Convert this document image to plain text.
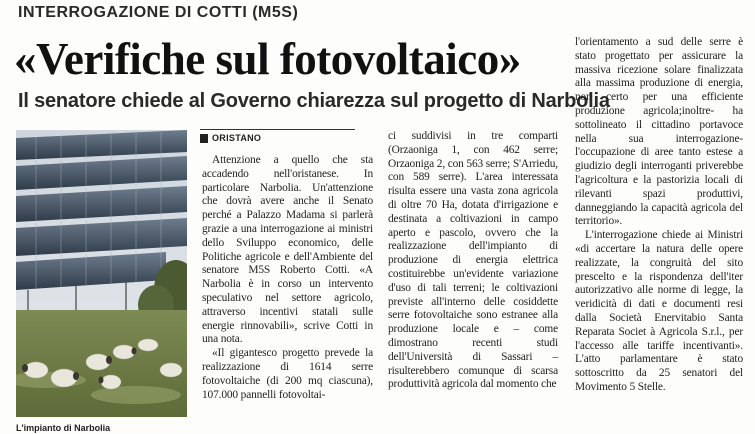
INTERROGAZIONE DI COTTI (M5S)
«Verifiche sul fotovoltaico»
Il senatore chiede al Governo chiarezza sul progetto di Narbolia

L'impianto di Narbolia

ORISTANO

Attenzione a quello che sta accadendo nell'oristanese. In particolare Narbolia. Un'attenzione che dovrà avere anche il Senato perché a Palazzo Madama si parlerà grazie a una interrogazione ai ministri dello Sviluppo economico, delle Politiche agricole e dell'Ambiente del senatore M5S Roberto Cotti. «A Narbolia è in corso un intervento speculativo nel settore agricolo, attraverso incentivi statali sulle energie rinnovabili», scrive Cotti in una nota.

«Il gigantesco progetto prevede la realizzazione di 1614 serre fotovoltaiche (di 200 mq ciascuna), 107.000 pannelli fotovoltai-

ci suddivisi in tre comparti (Orzaoniga 1, con 462 serre; Orzaoniga 2, con 563 serre; S'Arriedu, con 589 serre). L'area interessata risulta essere una vasta zona agricola di oltre 70 Ha, dotata d'irrigazione e destinata a coltivazioni in campo aperto e pascolo, ovvero che la realizzazione dell'impianto di produzione di energia elettrica costituirebbe un'evidente variazione d'uso di tali terreni; le coltivazioni previste all'interno delle cosiddette serre fotovoltaiche sono estranee alla produzione locale e – come dimostrano recenti studi dell'Università di Sassari – risulterebbero comunque di scarsa produttività agricola dal momento che

l'orientamento a sud delle serre è stato progettato per assicurare la massiva ricezione solare finalizzata alla massima produzione di energia, non certo per una efficiente produzione agricola;inoltre- ha sottolineato il cittadino portavoce nella sua interrogazione- l'occupazione di aree tanto estese a giudizio degli interroganti priverebbe l'agricoltura e la pastorizia locali di rilevanti spazi produttivi, danneggiando la capacità agricola del territorio».

L'interrogazione chiede ai Ministri «di accertare la natura delle opere realizzate, la congruità del sito prescelto e la rispondenza dell'iter autorizzativo alle norme di legge, la veridicità di dati e documenti resi dalla Società Enervitabio Santa Reparata Societ à Agricola S.r.l., per l'accesso alle tariffe incentivanti». L'atto parlamentare è stato sottoscritto da 25 senatori del Movimento 5 Stelle.
